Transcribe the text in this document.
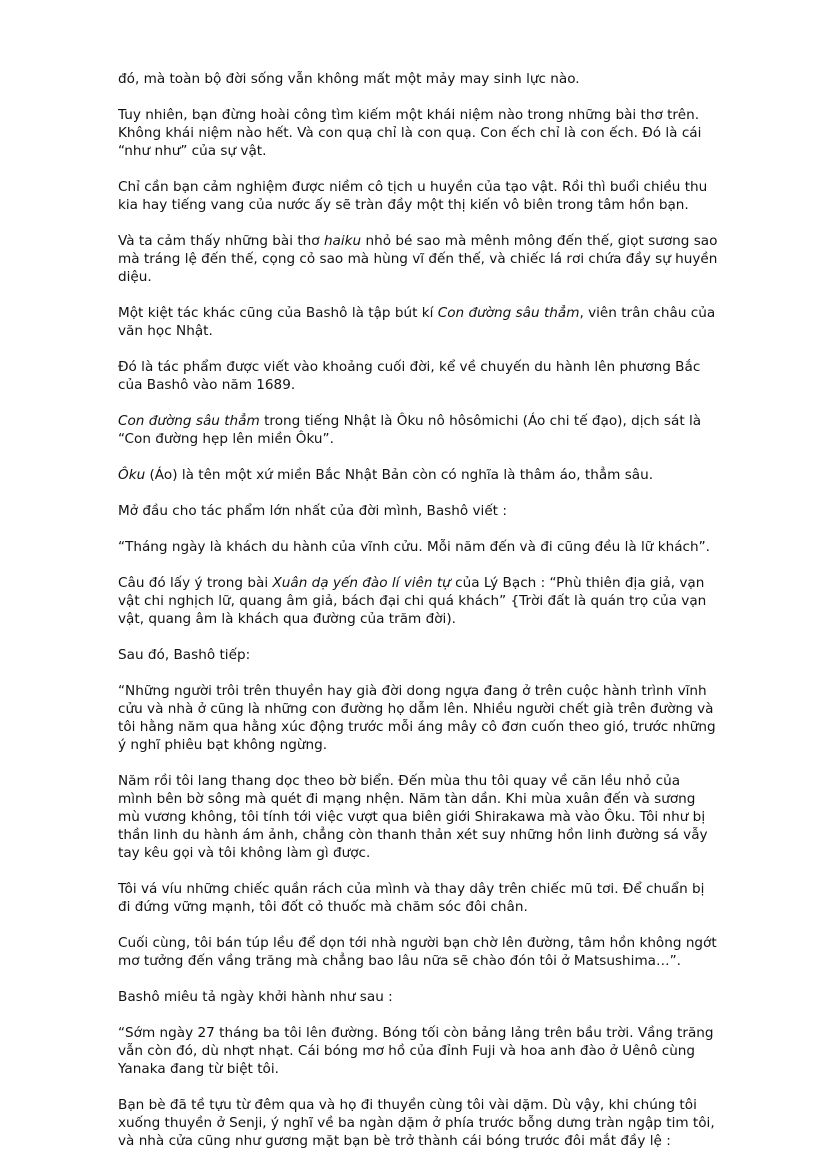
đó, mà toàn bộ đời sống vẫn không mất một mảy may sinh lực nào.

Tuy nhiên, bạn đừng hoài công tìm kiếm một khái niệm nào trong những bài thơ trên. Không khái niệm nào hết. Và con quạ chỉ là con quạ. Con ếch chỉ là con ếch. Đó là cái “như như” của sự vật.

Chỉ cần bạn cảm nghiệm được niềm cô tịch u huyền của tạo vật. Rồi thì buổi chiều thu kia hay tiếng vang của nước ấy sẽ tràn đầy một thị kiến vô biên trong tâm hồn bạn.

Và ta cảm thấy những bài thơ haiku nhỏ bé sao mà mênh mông đến thế, giọt sương sao mà tráng lệ đến thế, cọng cỏ sao mà hùng vĩ đến thế, và chiếc lá rơi chứa đầy sự huyền diệu.

Một kiệt tác khác cũng của Bashô là tập bút kí Con đường sâu thẳm, viên trân châu của văn học Nhật.

Đó là tác phẩm được viết vào khoảng cuối đời, kể về chuyến du hành lên phương Bắc của Bashô vào năm 1689.

Con đường sâu thẳm trong tiếng Nhật là Ôku nô hôsômichi (Áo chi tế đạo), dịch sát là “Con đường hẹp lên miền Ôku”.

Ôku (Áo) là tên một xứ miền Bắc Nhật Bản còn có nghĩa là thâm áo, thẳm sâu.

Mở đầu cho tác phẩm lớn nhất của đời mình, Bashô viết :

“Tháng ngày là khách du hành của vĩnh cửu. Mỗi năm đến và đi cũng đều là lữ khách”.

Câu đó lấy ý trong bài Xuân dạ yến đào lí viên tự của Lý Bạch : “Phù thiên địa giả, vạn vật chi nghịch lữ, quang âm giả, bách đại chi quá khách” {Trời đất là quán trọ của vạn vật, quang âm là khách qua đường của trăm đời).

Sau đó, Bashô tiếp:

“Những người trôi trên thuyền hay già đời dong ngựa đang ở trên cuộc hành trình vĩnh cửu và nhà ở cũng là những con đường họ dẫm lên. Nhiều người chết già trên đường và tôi hằng năm qua hằng xúc động trước mỗi áng mây cô đơn cuốn theo gió, trước những ý nghĩ phiêu bạt không ngừng.

Năm rồi tôi lang thang dọc theo bờ biển. Đến mùa thu tôi quay về căn lều nhỏ của mình bên bờ sông mà quét đi mạng nhện. Năm tàn dần. Khi mùa xuân đến và sương mù vương không, tôi tính tới việc vượt qua biên giới Shirakawa mà vào Ôku. Tôi như bị thần linh du hành ám ảnh, chẳng còn thanh thản xét suy những hồn linh đường sá vẫy tay kêu gọi và tôi không làm gì được.

Tôi vá víu những chiếc quần rách của mình và thay dây trên chiếc mũ tơi. Để chuẩn bị đi đứng vững mạnh, tôi đốt cỏ thuốc mà chăm sóc đôi chân.

Cuối cùng, tôi bán túp lều để dọn tới nhà người bạn chờ lên đường, tâm hồn không ngớt mơ tưởng đến vầng trăng mà chẳng bao lâu nữa sẽ chào đón tôi ở Matsushima…”.

Bashô miêu tả ngày khởi hành như sau :

“Sớm ngày 27 tháng ba tôi lên đường. Bóng tối còn bảng lảng trên bầu trời. Vầng trăng vẫn còn đó, dù nhợt nhạt. Cái bóng mơ hồ của đỉnh Fuji và hoa anh đào ở Uênô cùng Yanaka đang từ biệt tôi.

Bạn bè đã tề tựu từ đêm qua và họ đi thuyền cùng tôi vài dặm. Dù vậy, khi chúng tôi xuống thuyền ở Senji, ý nghĩ về ba ngàn dặm ở phía trước bỗng dưng tràn ngập tim tôi, và nhà cửa cũng như gương mặt bạn bè trở thành cái bóng trước đôi mắt đầy lệ :
